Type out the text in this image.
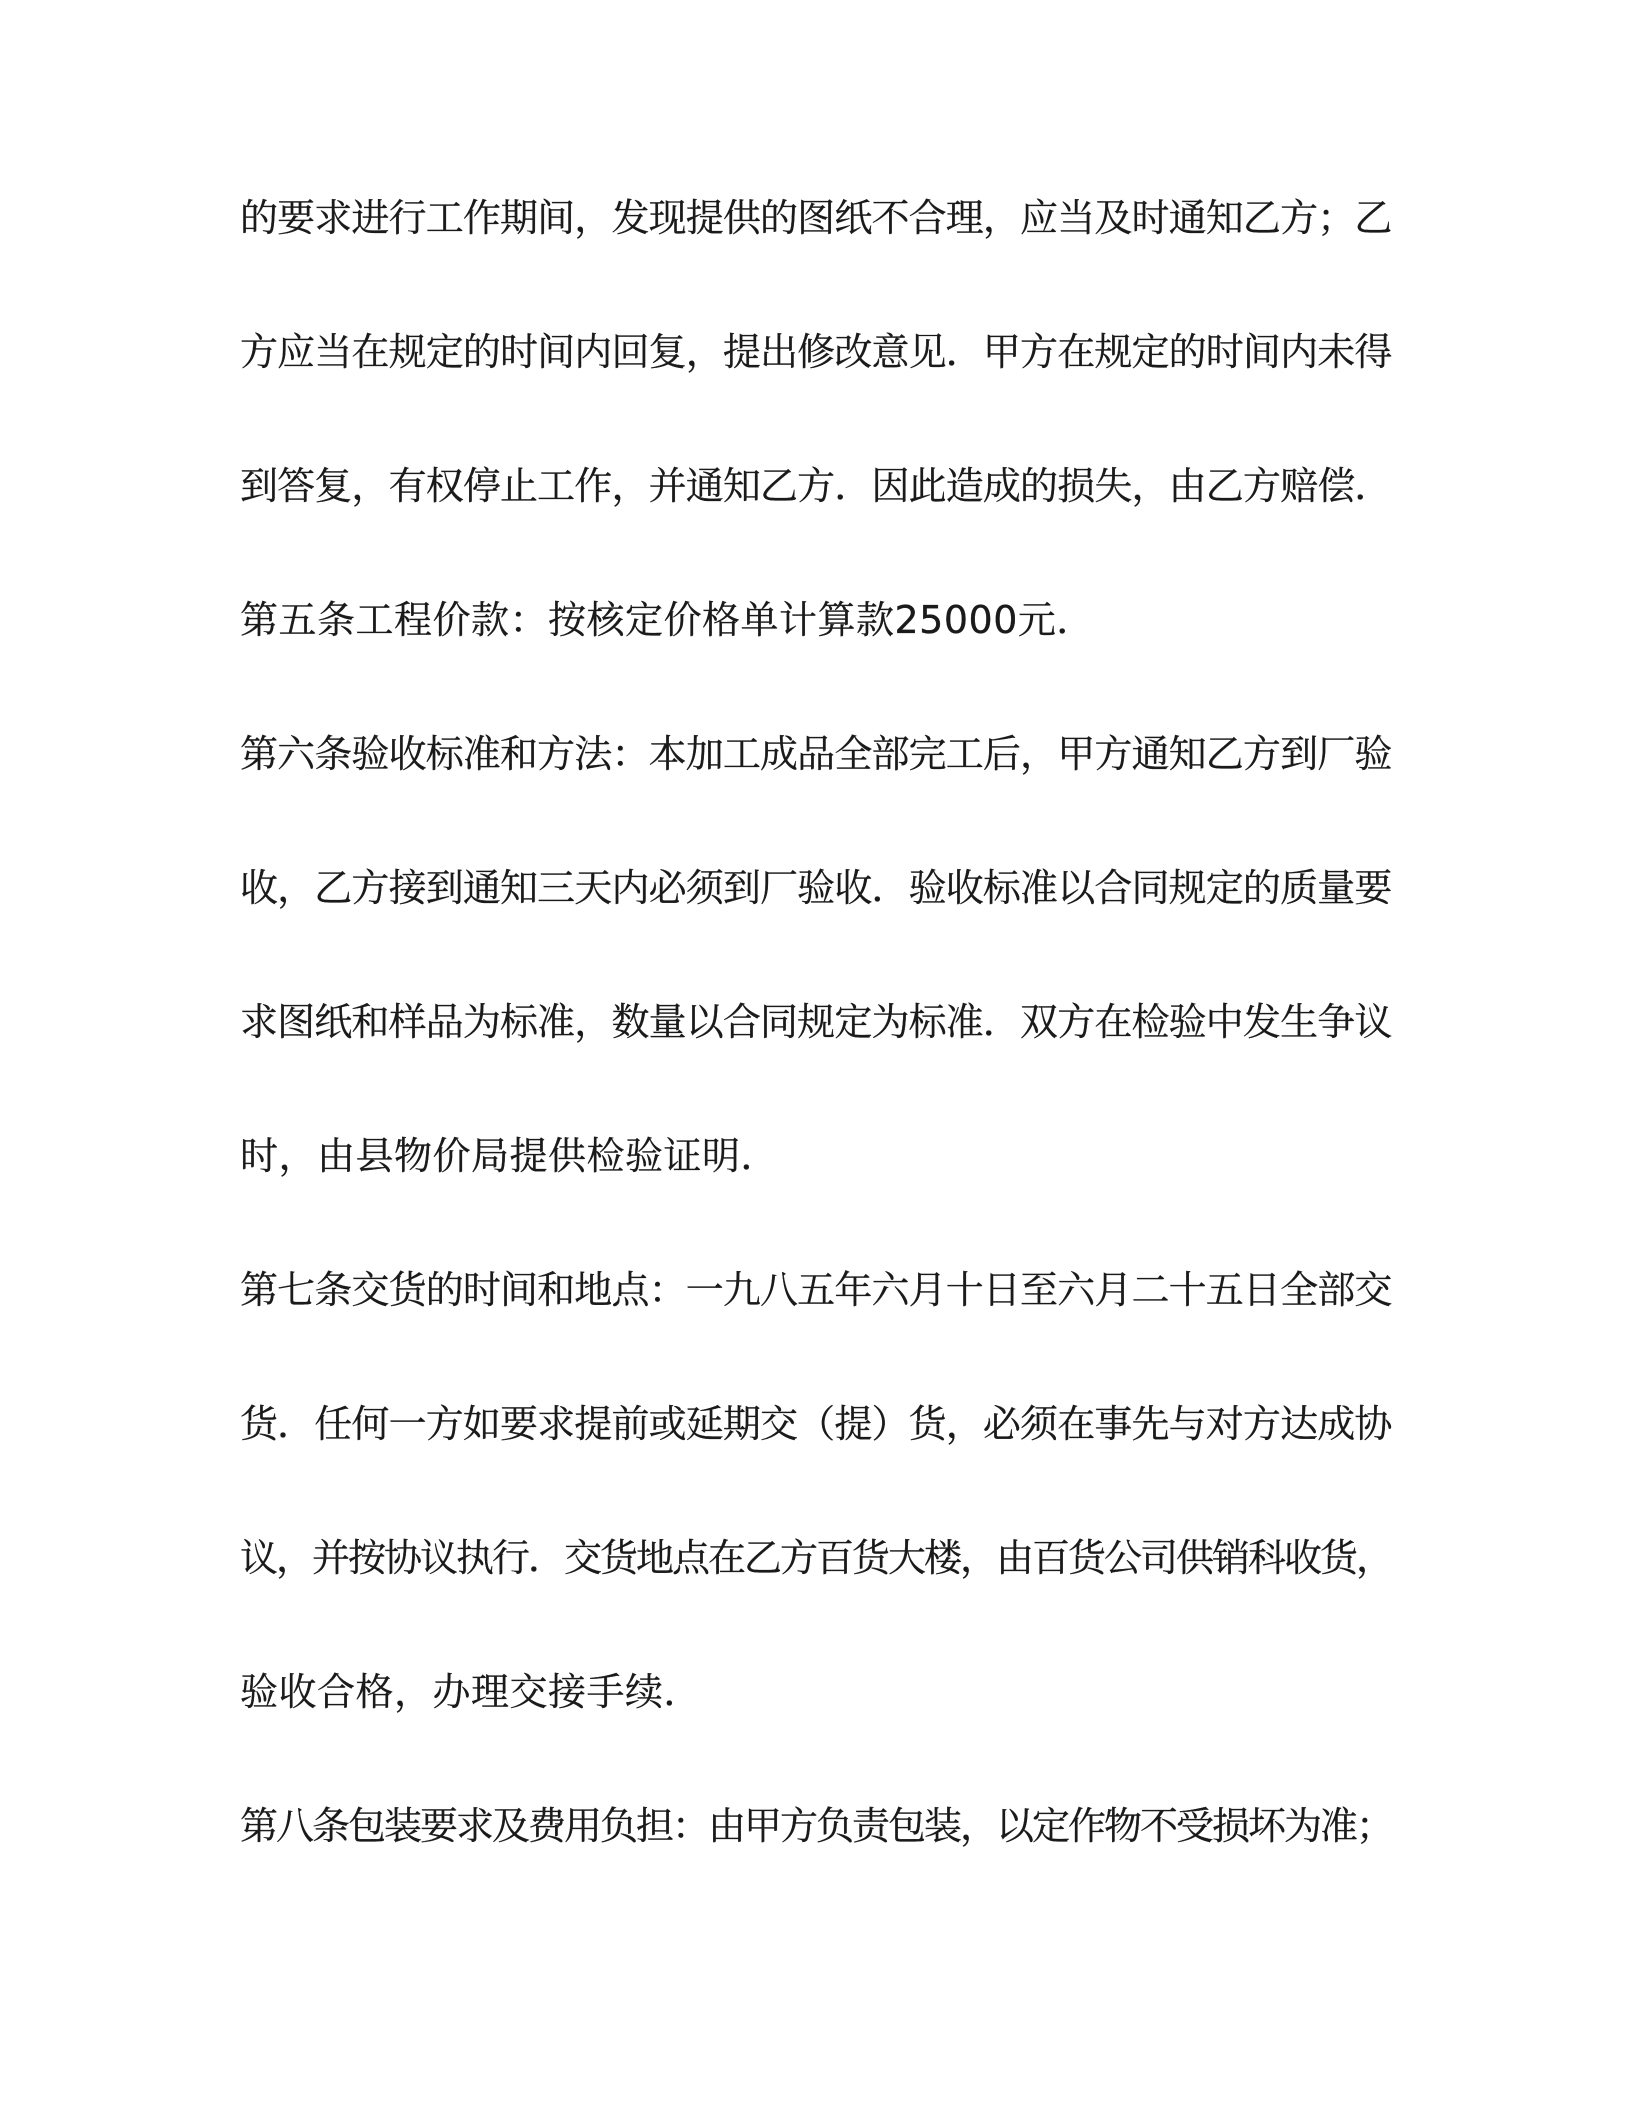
的要求进行工作期间，发现提供的图纸不合理，应当及时通知乙方；乙
方应当在规定的时间内回复，提出修改意见．甲方在规定的时间内未得
到答复，有权停止工作，并通知乙方．因此造成的损失，由乙方赔偿．
第五条工程价款：按核定价格单计算款25000元．
第六条验收标准和方法：本加工成品全部完工后，甲方通知乙方到厂验
收，乙方接到通知三天内必须到厂验收．验收标准以合同规定的质量要
求图纸和样品为标准，数量以合同规定为标准．双方在检验中发生争议
时，由县物价局提供检验证明．
第七条交货的时间和地点：一九八五年六月十日至六月二十五日全部交
货．任何一方如要求提前或延期交（提）货，必须在事先与对方达成协
议，并按协议执行．交货地点在乙方百货大楼，由百货公司供销科收货，
验收合格，办理交接手续．
第八条包装要求及费用负担：由甲方负责包装，以定作物不受损坏为准；
